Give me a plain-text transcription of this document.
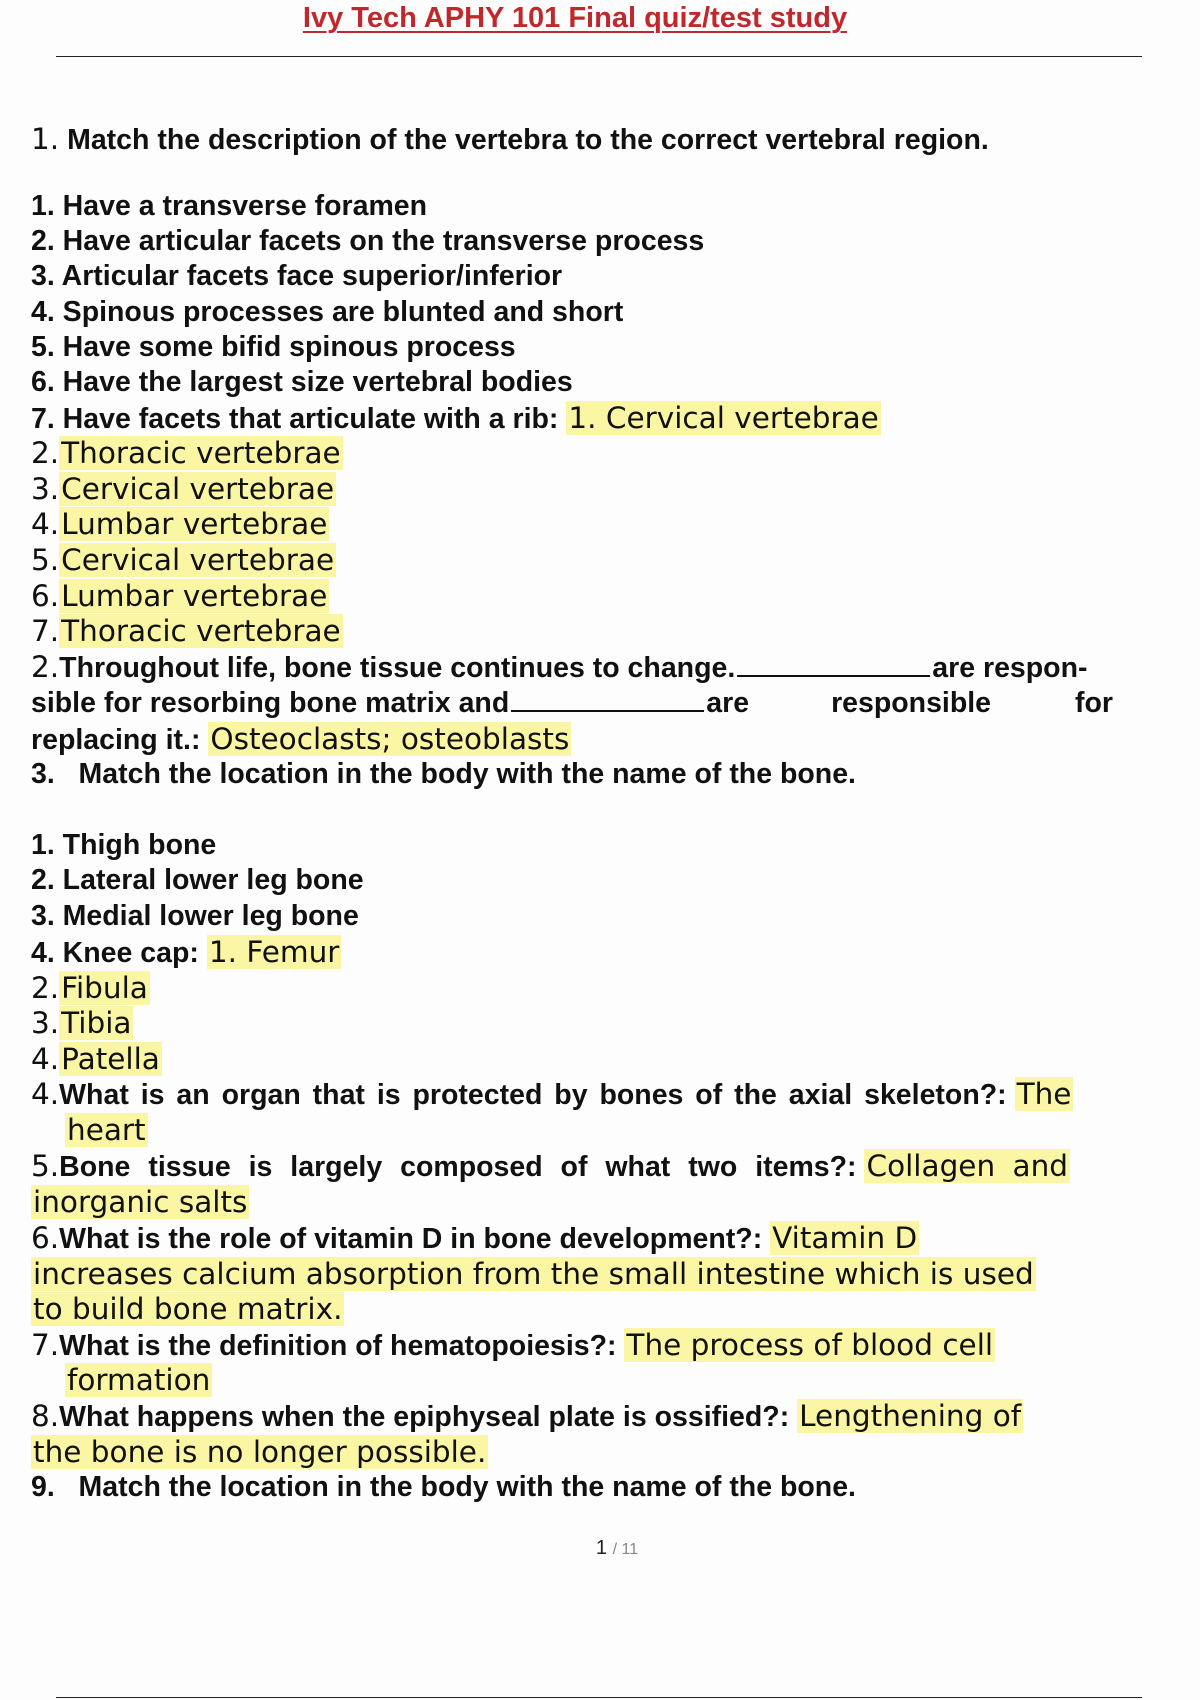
Ivy Tech APHY 101 Final quiz/test study
1. Match the description of the vertebra to the correct vertebral region.
1. Have a transverse foramen
2. Have articular facets on the transverse process
3. Articular facets face superior/inferior
4. Spinous processes are blunted and short
5. Have some bifid spinous process
6. Have the largest size vertebral bodies
7. Have facets that articulate with a rib: 1. Cervical vertebrae
2.Thoracic vertebrae
3.Cervical vertebrae
4.Lumbar vertebrae
5.Cervical vertebrae
6.Lumbar vertebrae
7.Thoracic vertebrae
2.Throughout life, bone tissue continues to change.	are respon-
sible for resorbing bone matrix and	are	responsible	for
replacing it.: Osteoclasts; osteoblasts
3. Match the location in the body with the name of the bone.
1. Thigh bone
2. Lateral lower leg bone
3. Medial lower leg bone
4. Knee cap: 1. Femur
2.Fibula
3.Tibia
4.Patella
4.What is an organ that is protected by bones of the axial skeleton?: The
heart
5.Bone tissue is largely composed of what two items?: Collagen and
inorganic salts
6.What is the role of vitamin D in bone development?: Vitamin D
increases calcium absorption from the small intestine which is used
to build bone matrix.
7.What is the definition of hematopoiesis?: The process of blood cell
formation
8.What happens when the epiphyseal plate is ossified?: Lengthening of
the bone is no longer possible.
9. Match the location in the body with the name of the bone.
1 / 11
